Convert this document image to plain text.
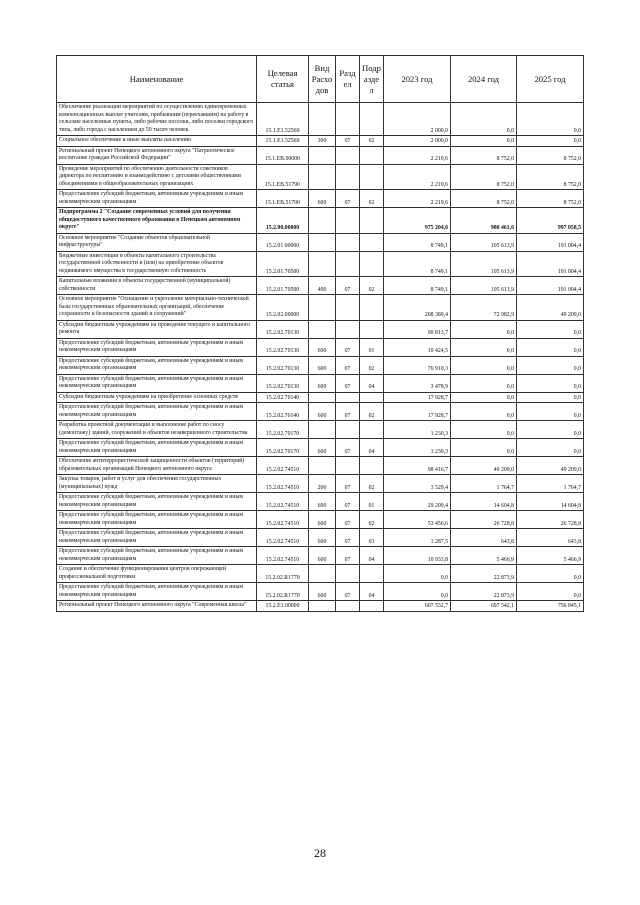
Наименование	Целевая статья	Вид Расхо дов	Разд ел	Подр азде л	2023 год	2024 год	2025 год
Обеспечение реализации мероприятий по осуществлению единовременных компенсационных выплат учителям, прибывшим (переехавшим) на работу в сельские населенные пункты, либо рабочие поселки, либо поселки городского типа, либо города с населением до 50 тысяч человек	15.1.E1.52560				2 000,0	0,0	0,0
Социальное обеспечение и иные выплаты населению	15.1.E1.52560	300	07	02	2 000,0	0,0	0,0
Региональный проект Ненецкого автономного округа "Патриотическое воспитание граждан Российской Федерации"	15.1.EB.00000				2 219,6	8 752,0	8 752,0
Проведение мероприятий по обеспечению деятельности советников директора по воспитанию и взаимодействию с детскими общественными объединениями в общеобразовательных организациях	15.1.EB.51790				2 219,6	8 752,0	8 752,0
Предоставление субсидий бюджетным, автономным учреждениям и иным некоммерческим организациям	15.1.EB.51790	600	07	02	2 219,6	8 752,0	8 752,0
Подпрограмма 2 "Создание современных условий для получения общедоступного качественного образования в Ненецком автономном округе"	15.2.00.00000				975 204,6	980 461,6	997 058,5
Основное мероприятие "Создание объектов образовательной инфраструктуры"	15.2.01.00000				8 749,1	105 613,9	191 004,4
Бюджетные инвестиции в объекты капитального строительства государственной собственности и (или) на приобретение объектов недвижимого имущества в государственную собственность	15.2.01.70500				8 749,1	105 613,9	191 004,4
Капитальные вложения в объекты государственной (муниципальной) собственности	15.2.01.70500	400	07	02	8 749,1	105 613,9	191 004,4
Основное мероприятие "Оснащение и укрепление материально-технической базы государственных образовательных организаций, обеспечение сохранности и безопасности зданий и сооружений"	15.2.02.00000				208 389,4	72 082,9	49 209,0
Субсидии бюджетным учреждениям на проведение текущего и капитального ремонта	15.2.02.70130				90 813,7	0,0	0,0
Предоставление субсидий бюджетным, автономным учреждениям и иным некоммерческим организациям	15.2.02.70130	600	07	01	10 424,5	0,0	0,0
Предоставление субсидий бюджетным, автономным учреждениям и иным некоммерческим организациям	15.2.02.70130	600	07	02	76 910,3	0,0	0,0
Предоставление субсидий бюджетным, автономным учреждениям и иным некоммерческим организациям	15.2.02.70130	600	07	04	3 478,9	0,0	0,0
Субсидии бюджетным учреждениям на приобретение основных средств	15.2.02.70140				17 928,7	0,0	0,0
Предоставление субсидий бюджетным, автономным учреждениям и иным некоммерческим организациям	15.2.02.70140	600	07	02	17 928,7	0,0	0,0
Разработка проектной документации и выполнение работ по сносу (демонтажу) зданий, сооружений и объектов незавершенного строительства	15.2.02.70170				1 230,3	0,0	0,0
Предоставление субсидий бюджетным, автономным учреждениям и иным некоммерческим организациям	15.2.02.70170	600	07	04	1 230,3	0,0	0,0
Обеспечение антитеррористической защищенности объектов (территорий) образовательных организаций Ненецкого автономного округа	15.2.02.74510				98 416,7	49 209,0	49 209,0
Закупка товаров, работ и услуг для обеспечения государственных (муниципальных) нужд	15.2.02.74510	200	07	02	3 529,4	1 764,7	1 764,7
Предоставление субсидий бюджетным, автономным учреждениям и иным некоммерческим организациям	15.2.02.74510	600	07	01	29 209,4	14 604,8	14 604,8
Предоставление субсидий бюджетным, автономным учреждениям и иным некоммерческим организациям	15.2.02.74510	600	07	02	53 456,6	26 728,8	26 728,8
Предоставление субсидий бюджетным, автономным учреждениям и иным некоммерческим организациям	15.2.02.74510	600	07	03	1 287,5	643,8	643,8
Предоставление субсидий бюджетным, автономным учреждениям и иным некоммерческим организациям	15.2.02.74510	600	07	04	10 933,8	5 466,9	5 466,9
Создание и обеспечение функционирования центров опережающей профессиональной подготовки	15.2.02.R1770				0,0	22 873,9	0,0
Предоставление субсидий бюджетным, автономным учреждениям и иным некоммерческим организациям	15.2.02.R1770	600	07	04	0,0	22 873,9	0,0
Региональный проект Ненецкого автономного округа "Современная школа"	15.2.E1.00000				607 532,7	697 542,1	756 845,1
28
